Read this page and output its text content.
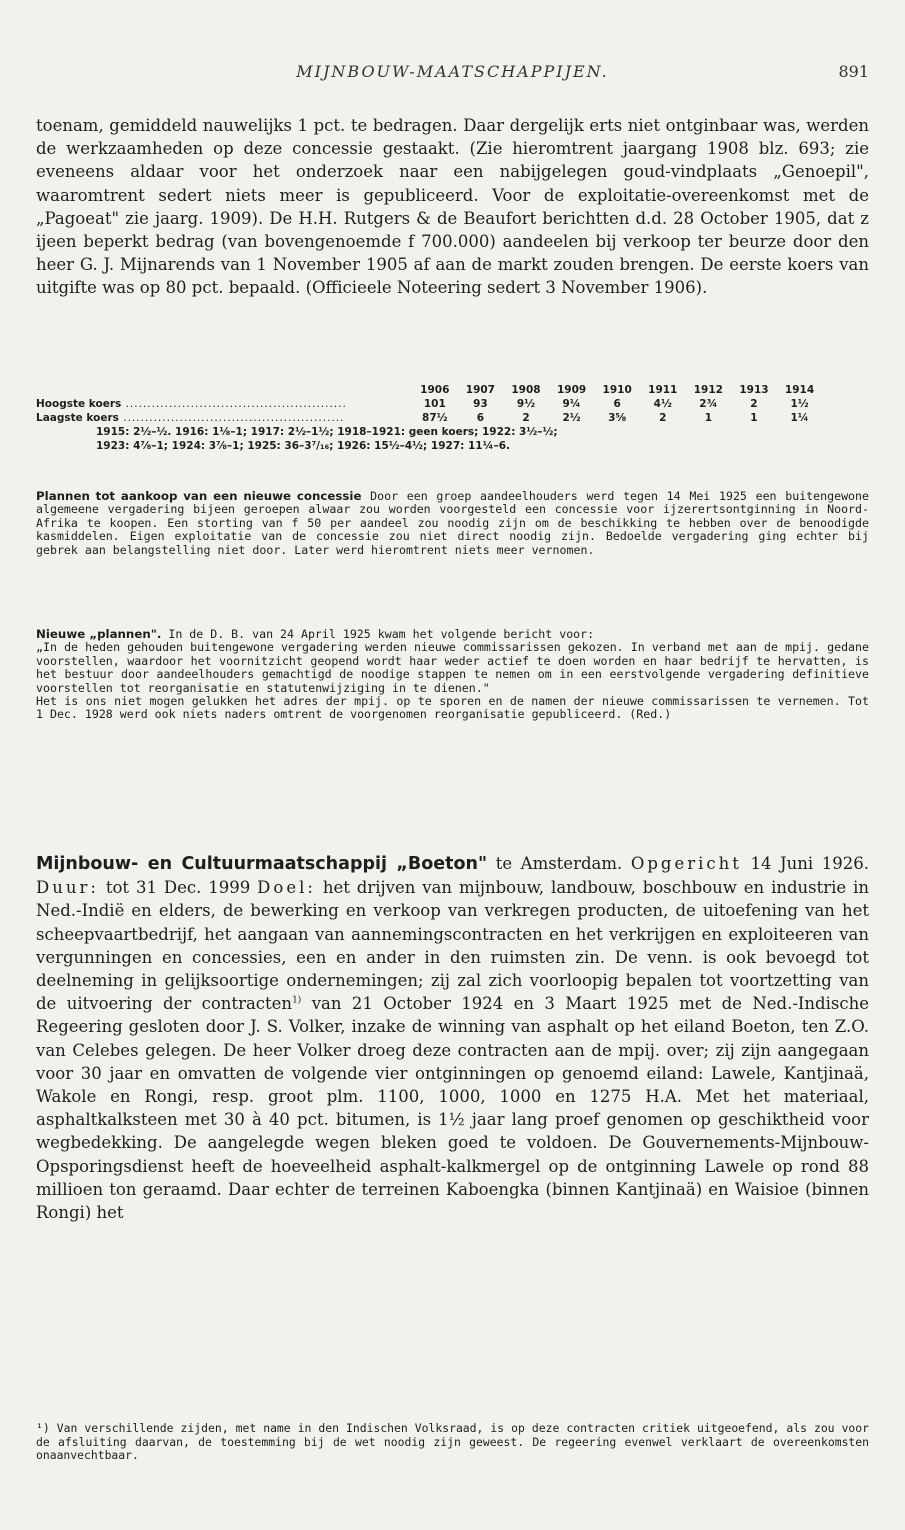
MIJNBOUW-MAATSCHAPPIJEN.	891

toenam, gemiddeld nauwelijks 1 pct. te bedragen. Daar dergelijk erts niet ontginbaar was, werden de werkzaamheden op deze concessie gestaakt. (Zie hieromtrent jaargang 1908 blz. 693; zie eveneens aldaar voor het onderzoek naar een nabijgelegen goud-vindplaats „Genoepil", waaromtrent sedert niets meer is gepubliceerd. Voor de exploitatie-overeenkomst met de „Pagoeat" zie jaarg. 1909). De H.H. Rutgers & de Beaufort berichtten d.d. 28 October 1905, dat z ijeen beperkt bedrag (van bovengenoemde f 700.000) aandeelen bij verkoop ter beurze door den heer G. J. Mijnarends van 1 November 1905 af aan de markt zouden brengen. De eerste koers van uitgifte was op 80 pct. bepaald. (Officieele Noteering sedert 3 November 1906).

1906	1907	1908	1909	1910	1911	1912	1913	1914
Hoogste koers ...................................................	101	93	9½	9¼	6	4½	2¾	2	1½
Laagste koers ...................................................	87½	6	2	2½	3⅝	2	1	1	1¼
1915: 2½–½. 1916: 1⅛–1; 1917: 2½–1½; 1918–1921: geen koers; 1922: 3½–½;
1923: 4⅞–1; 1924: 3⅞–1; 1925: 36–3⁷/₁₆; 1926: 15½–4½; 1927: 11¼–6.

Plannen tot aankoop van een nieuwe concessie Door een groep aandeelhouders werd tegen 14 Mei 1925 een buitengewone algemeene vergadering bijeen geroepen alwaar zou worden voorgesteld een concessie voor ijzerertsontginning in Noord-Afrika te koopen. Een storting van f 50 per aandeel zou noodig zijn om de beschikking te hebben over de benoodigde kasmiddelen. Eigen exploitatie van de concessie zou niet direct noodig zijn. Bedoelde vergadering ging echter bij gebrek aan belangstelling niet door. Later werd hieromtrent niets meer vernomen.

Nieuwe „plannen". In de D. B. van 24 April 1925 kwam het volgende bericht voor:

„In de heden gehouden buitengewone vergadering werden nieuwe commissarissen gekozen. In verband met aan de mpij. gedane voorstellen, waardoor het voornitzicht geopend wordt haar weder actief te doen worden en haar bedrijf te hervatten, is het bestuur door aandeelhouders gemachtigd de noodige stappen te nemen om in een eerstvolgende vergadering definitieve voorstellen tot reorganisatie en statutenwijziging in te dienen."

Het is ons niet mogen gelukken het adres der mpij. op te sporen en de namen der nieuwe commissarissen te vernemen. Tot 1 Dec. 1928 werd ook niets naders omtrent de voorgenomen reorganisatie gepubliceerd. (Red.)

Mijnbouw- en Cultuurmaatschappij „Boeton" te Amsterdam. Opgericht 14 Juni 1926. Duur: tot 31 Dec. 1999 Doel: het drijven van mijnbouw, landbouw, boschbouw en industrie in Ned.-Indië en elders, de bewerking en verkoop van verkregen producten, de uitoefening van het scheepvaartbedrijf, het aangaan van aannemingscontracten en het verkrijgen en exploiteeren van vergunningen en concessies, een en ander in den ruimsten zin. De venn. is ook bevoegd tot deelneming in gelijksoortige ondernemingen; zij zal zich voorloopig bepalen tot voortzetting van de uitvoering der contracten$^{1)}$ van 21 October 1924 en 3 Maart 1925 met de Ned.-Indische Regeering gesloten door J. S. Volker, inzake de winning van asphalt op het eiland Boeton, ten Z.O. van Celebes gelegen. De heer Volker droeg deze contracten aan de mpij. over; zij zijn aangegaan voor 30 jaar en omvatten de volgende vier ontginningen op genoemd eiland: Lawele, Kantjinaä, Wakole en Rongi, resp. groot plm. 1100, 1000, 1000 en 1275 H.A. Met het materiaal, asphaltkalksteen met 30 à 40 pct. bitumen, is 1½ jaar lang proef genomen op geschiktheid voor wegbedekking. De aangelegde wegen bleken goed te voldoen. De Gouvernements-Mijnbouw-Opsporingsdienst heeft de hoeveelheid asphalt-kalkmergel op de ontginning Lawele op rond 88 millioen ton geraamd. Daar echter de terreinen Kaboengka (binnen Kantjinaä) en Waisioe (binnen Rongi) het

¹) Van verschillende zijden, met name in den Indischen Volksraad, is op deze contracten critiek uitgeoefend, als zou voor de afsluiting daarvan, de toestemming bij de wet noodig zijn geweest. De regeering evenwel verklaart de overeenkomsten onaanvechtbaar.
